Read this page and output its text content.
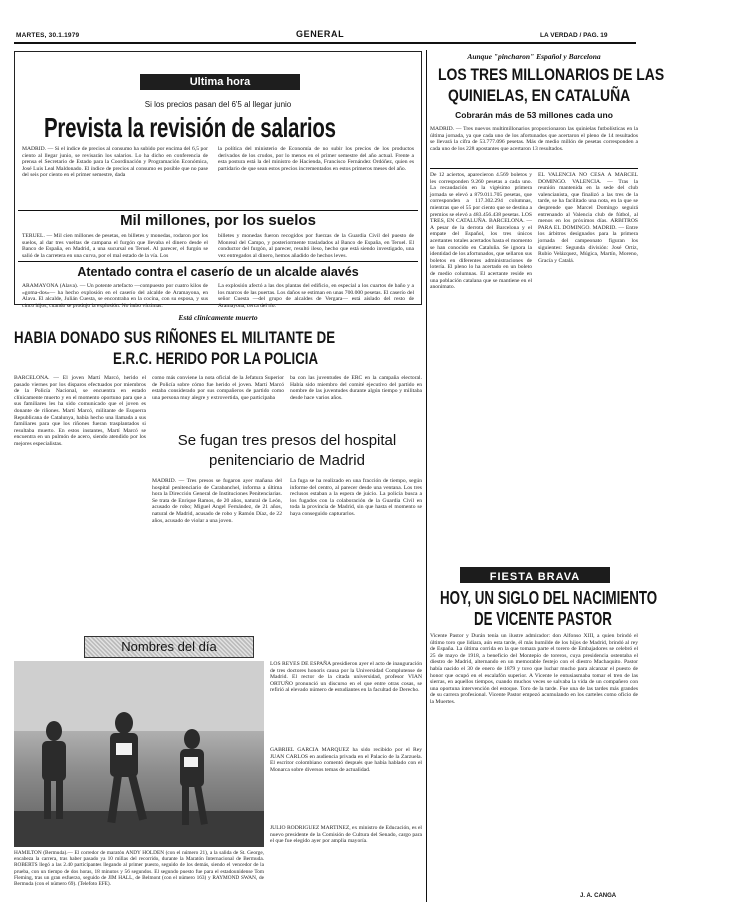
MARTES, 30.1.1979	GENERAL	LA VERDAD / PAG. 19
Ultima hora
Si los precios pasan del 6'5 al llegar junio
Prevista la revisión de salarios
MADRID. — Si el índice de precios al consumo ha subido por encima del 6,5 por ciento al llegar junio, se revisarán los salarios. Lo ha dicho en conferencia de prensa el Secretario de Estado para la Coordinación y Programación Económica, José Luis Leal Maldonado. El índice de precios al consumo es posible que no pase del seis por ciento en el primer semestre, dada
la política del ministerio de Economía de no subir los precios de los productos derivados de los crudos, por lo menos en el primer semestre del año actual. Frente a esta postura está la del ministro de Hacienda, Francisco Fernández Ordóñez, quien es partidario de que sean estos precios incrementados en estos primeros meses del año.
Mil millones, por los suelos
TERUEL. — Mil cien millones de pesetas, en billetes y monedas, rodaron por los suelos, al dar tres vueltas de campana el furgón que llevaba el dinero desde el Banco de España, en Madrid, a una sucursal en Teruel. Al parecer, el furgón se salió de la carretera en una curva, por el mal estado de la vía. Los
billetes y monedas fueron recogidos por fuerzas de la Guardia Civil del puesto de Monreal del Campo, y posteriormente trasladados al Banco de España, en Teruel. El conductor del furgón, al parecer, resultó ileso, hecho que está siendo investigado, una vez entregados al dinero, hemos añadido de hechos leves.
Atentado contra el caserío de un alcalde alavés
ARAMAYONA (Alava). — Un potente artefacto —compuesto por cuatro kilos de «goma-dos»— ha hecho explosión en el caserío del alcalde de Aramayona, en Alava. El alcalde, Julián Cuesta, se encontraba en la cocina, con su esposa, y sus cinco hijos, cuando se produjo la explosión. No hubo víctimas.
La explosión afectó a las dos plantas del edificio, en especial a los cuartos de baño y a los marcos de las puertas. Los daños se estiman en unas 700.000 pesetas. El caserío del señor Cuesta —del grupo de alcaldes de Vergara— está aislado del resto de Aramayona, cerca del río.
Está clínicamente muerto
HABIA DONADO SUS RIÑONES EL MILITANTE DE
E.R.C. HERIDO POR LA POLICIA
BARCELONA. — El joven Martí Marcó, herido el pasado viernes por los disparos efectuados por miembros de la Policía Nacional, se encuentra en estado clínicamente muerto y en el momento oportuno para que a sus familiares les ha sido comunicado que el joven es donante de riñones. Martí Marcó, militante de Esquerra Republicana de Catalunya, había hecho una llamada a sus familiares para que los riñones fueran trasplantados si resultaba muerto. En estos instantes, Martí Marcó se encuentra en un pulmón de acero, siendo atendido por los mejores especialistas.
como más conviene la nota oficial de la Jefatura Superior de Policía sobre cómo fue herido el joven. Martí Marcó estaba considerado por sus compañeros de partido como una persona muy alegre y extrovertida, que participaba
ba con las juventudes de ERC en la campaña electoral. Había sido miembro del comité ejecutivo del partido en nombre de las juventudes durante algún tiempo y militaba desde hace varios años.
Se fugan tres presos del hospital
penitenciario de Madrid
MADRID. — Tres presos se fugaron ayer mañana del hospital penitenciario de Carabanchel, informa a última hora la Dirección General de Instituciones Penitenciarias. Se trata de Enrique Ramos, de 20 años, natural de León, acusado de robo; Miguel Angel Fernández, de 21 años, natural de Madrid, acusado de robo y Ramón Díaz, de 22 años, acusado de violar a una joven.
La fuga se ha realizado en una fracción de tiempo, según informe del centro, al parecer desde una ventana. Los tres reclusos estaban a la espera de juicio. La policía busca a los fugados con la colaboración de la Guardia Civil en toda la provincia de Madrid, sin que hasta el momento se haya conseguido capturarlos.
Nombres del día
HAMILTON (Bermuda).— El corredor de maratón ANDY HOLDEN (con el número 21), a la salida de St. George, encabeza la carrera, tras haber pasado ya 10 millas del recorrido, durante la Maratón Internacional de Bermuda. ROBERTS llegó a las 2.40 participantes llegando al primer puesto, seguido de los demás, siendo el vencedor de la prueba, con un tiempo de dos horas, 18 minutos y 56 segundos. El segundo puesto fue para el estadounidense Tom Fleming, tras un gran esfuerzo, seguido de JIM HALL, de Belmont (con el número 163) y RAYMOND SWAN, de Bermuda (con el número 69). (Telefoto EFE).
LOS REYES DE ESPAÑA presidieron ayer el acto de inauguración de tres doctores honoris causa por la Universidad Complutense de Madrid. El rector de la citada universidad, profesor VIAN ORTUÑO pronunció un discurso en el que entre otras cosas, se refirió al elevado número de estudiantes en la facultad de Derecho.
GABRIEL GARCIA MARQUEZ ha sido recibido por el Rey JUAN CARLOS en audiencia privada en el Palacio de la Zarzuela. El escritor colombiano comentó después que había hablado con el Monarca sobre diversos temas de actualidad.
JULIO RODRIGUEZ MARTINEZ, ex ministro de Educación, es el nuevo presidente de la Comisión de Cultura del Senado, cargo para el que fue elegido ayer por amplia mayoría.
Aunque "pincharon" Español y Barcelona
LOS TRES MILLONARIOS DE LAS
QUINIELAS, EN CATALUÑA
Cobrarán más de 53 millones cada uno
MADRID. — Tres nuevos multimillonarios proporcionaron las quinielas futbolísticas en la última jornada, ya que cada uno de los afortunados que acertaron el pleno de 14 resultados se llevará la cifra de 53.777.096 pesetas. Más de medio millón de pesetas corresponden a cada uno de los 228 apostantes que acertaron 13 resultados.
De 12 aciertos, aparecieron 4.569 boletos y les corresponden 9.260 pesetas a cada uno. La recaudación en la vigésimo primera jornada se elevó a 879.011.705 pesetas, que corresponden a 117.302.294 columnas, mientras que el 55 por ciento que se destina a premios se elevó a 483.456.438 pesetas. LOS TRES, EN CATALUÑA. BARCELONA. — A pesar de la derrota del Barcelona y el empate del Español, los tres únicos acertantes totales acertados hasta el momento se han conocido en Cataluña. Se ignora la identidad de los afortunados, que sellaron sus boletos en diferentes administraciones de lotería. El pleno lo ha acertado en un boleto de medio columnas. El acertante reside en una población catalana que se mantiene en el anonimato.
EL VALENCIA NO CESA A MARCEL DOMINGO. VALENCIA. — Tras la reunión mantenida en la sede del club valencianista, que finalizó a las tres de la tarde, se ha facilitado una nota, en la que se desprende que Marcel Domingo seguirá entrenando al Valencia club de fútbol, al menos en los próximos días. ARBITROS PARA EL DOMINGO. MADRID. — Entre los árbitros designados para la primera jornada del campeonato figuran los siguientes: Segunda división: José Ortiz, Rubio Velázquez, Múgica, Martín, Moreno, Gracía y Catalá.
FIESTA BRAVA
HOY, UN SIGLO DEL NACIMIENTO
DE VICENTE PASTOR
Vicente Pastor y Durán tenía un ilustre admirador: don Alfonso XIII, a quien brindó el último toro que lidiara, aún esta tarde, él más humilde de los hijos de Madrid, brindó al rey de España. La última corrida en la que tomara parte el torero de Embajadores se celebró el 25 de mayo de 1918, a beneficio del Montepío de toreros, cuya presidencia ostentaba el diestro de Madrid, alternando en un memorable festejo con el diestro Machaquito. Pastor había nacido el 30 de enero de 1879 y tuvo que luchar mucho para alcanzar el puesto de honor que ocupó en el escalafón superior. A Vicente le entusiasmaba tomar el tren de las sierras, en aquellos tiempos, cuando muchos veces se salvaba la vida de un compañero con una oportuna intervención del estoque. Toro de la tarde. Fue una de las tardes más grandes de su carrera profesional. Vicente Pastor empezó acumulando en los carteles como oficio de la Muertes.
J. A. CANGA
